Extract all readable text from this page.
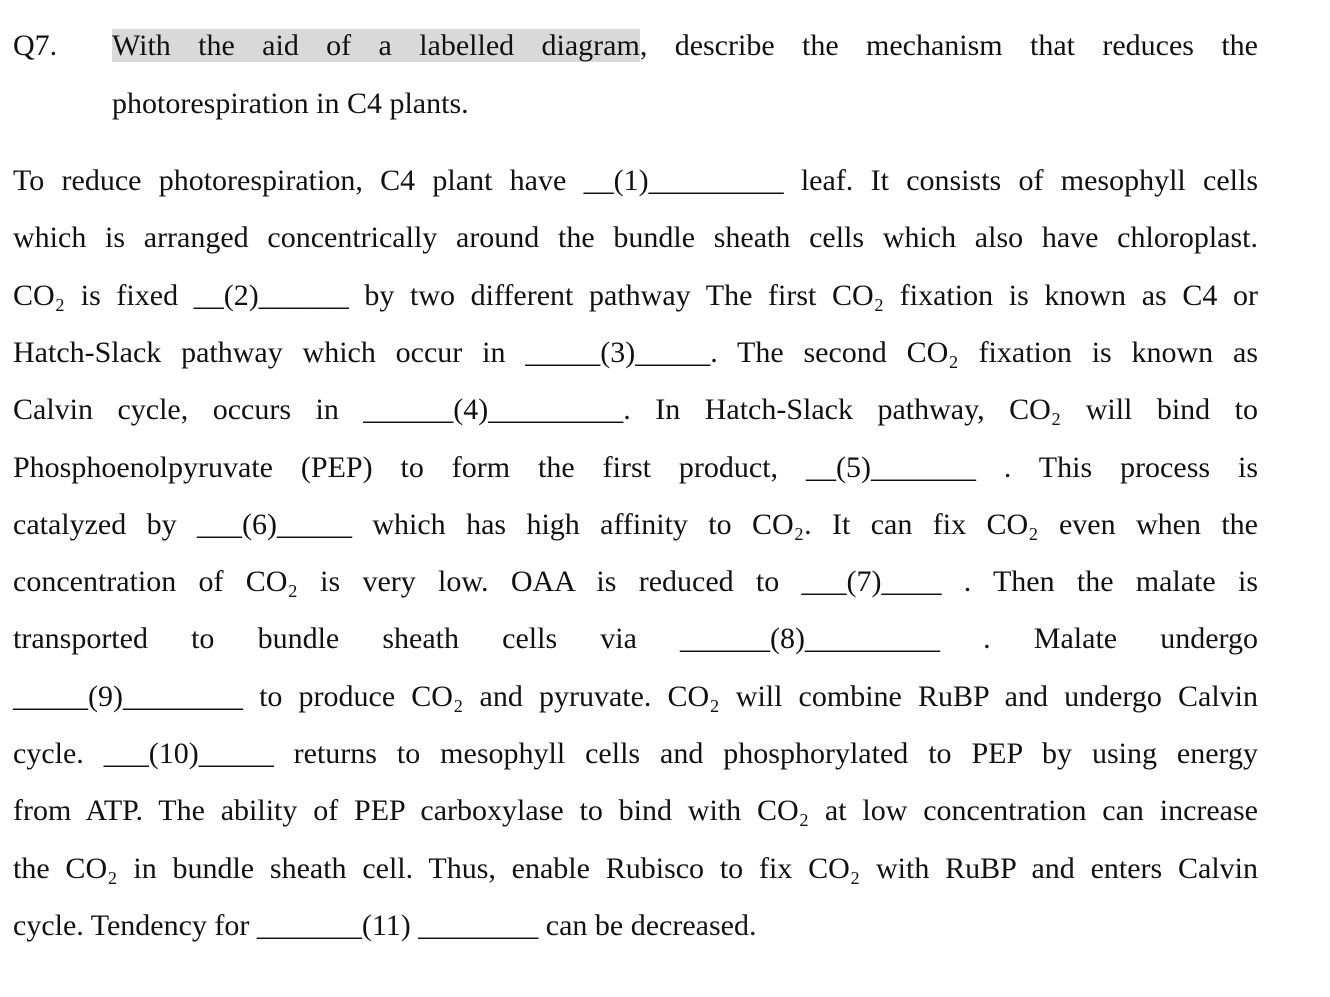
Q7. With the aid of a labelled diagram, describe the mechanism that reduces the
photorespiration in C4 plants.
To reduce photorespiration, C4 plant have __(1)_________ leaf. It consists of mesophyll cells
which is arranged concentrically around the bundle sheath cells which also have chloroplast.
CO₂ is fixed __(2)______ by two different pathway The first CO₂ fixation is known as C4 or
Hatch-Slack pathway which occur in _____(3)_____. The second CO₂ fixation is known as
Calvin cycle, occurs in ______(4)_________. In Hatch-Slack pathway, CO₂ will bind to
Phosphoenolpyruvate (PEP) to form the first product, __(5)_______ . This process is
catalyzed by ___(6)_____ which has high affinity to CO₂. It can fix CO₂ even when the
concentration of CO₂ is very low. OAA is reduced to ___(7)____ . Then the malate is
transported to bundle sheath cells via ______(8)_________ . Malate undergo
_____(9)________ to produce CO₂ and pyruvate. CO₂ will combine RuBP and undergo Calvin
cycle. ___(10)_____ returns to mesophyll cells and phosphorylated to PEP by using energy
from ATP. The ability of PEP carboxylase to bind with CO₂ at low concentration can increase
the CO₂ in bundle sheath cell. Thus, enable Rubisco to fix CO₂ with RuBP and enters Calvin
cycle. Tendency for _______(11) ________ can be decreased.
